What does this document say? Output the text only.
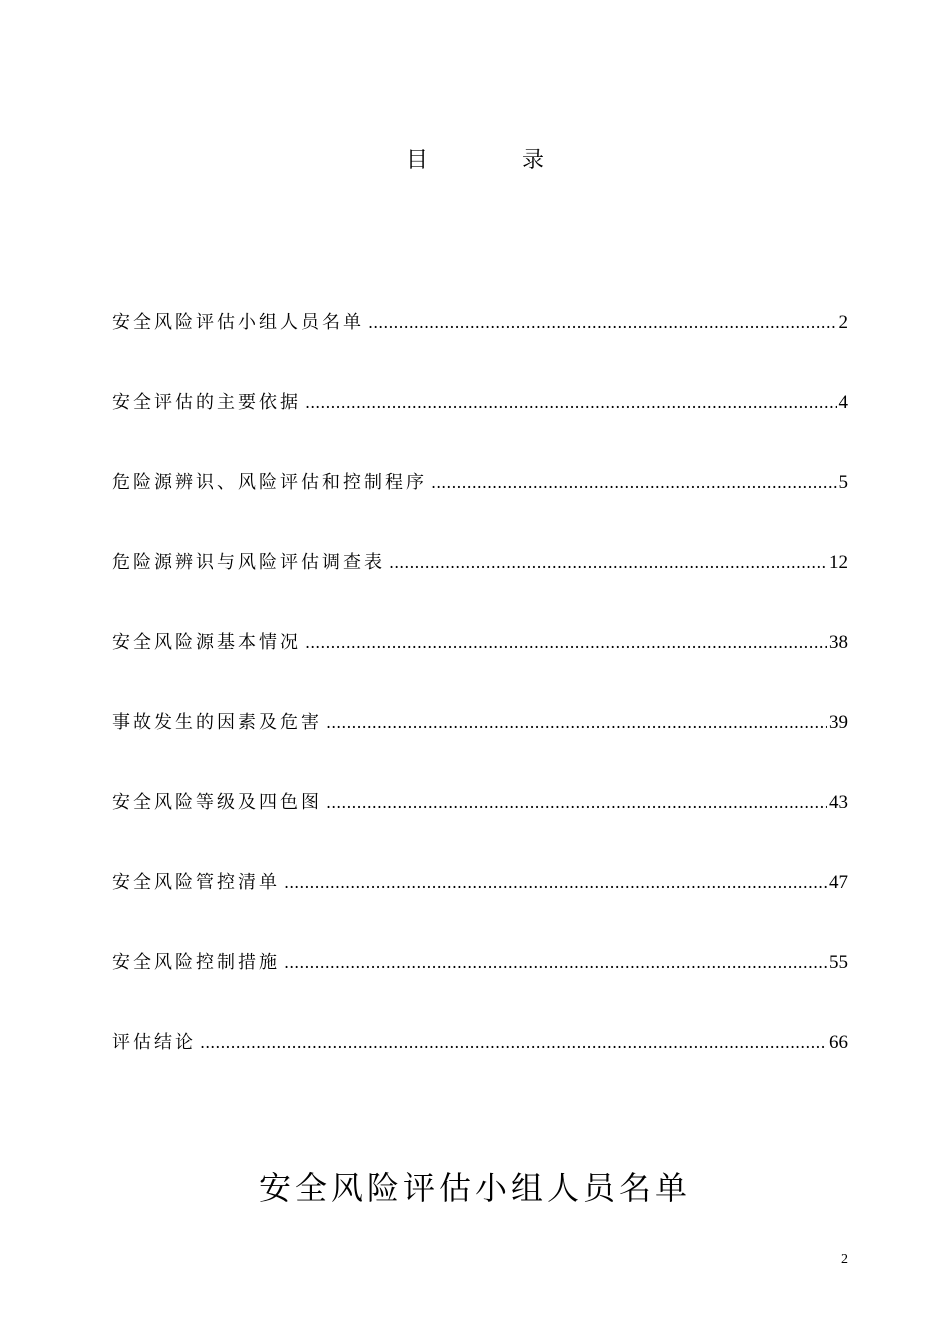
目　录
安全风险评估小组人员名单 .....	2
安全评估的主要依据 .....	4
危险源辨识、风险评估和控制程序 .....	5
危险源辨识与风险评估调查表 .....	12
安全风险源基本情况 .....	38
事故发生的因素及危害 .....	39
安全风险等级及四色图 .....	43
安全风险管控清单 .....	47
安全风险控制措施 .....	55
评估结论 .....	66
安全风险评估小组人员名单
2
